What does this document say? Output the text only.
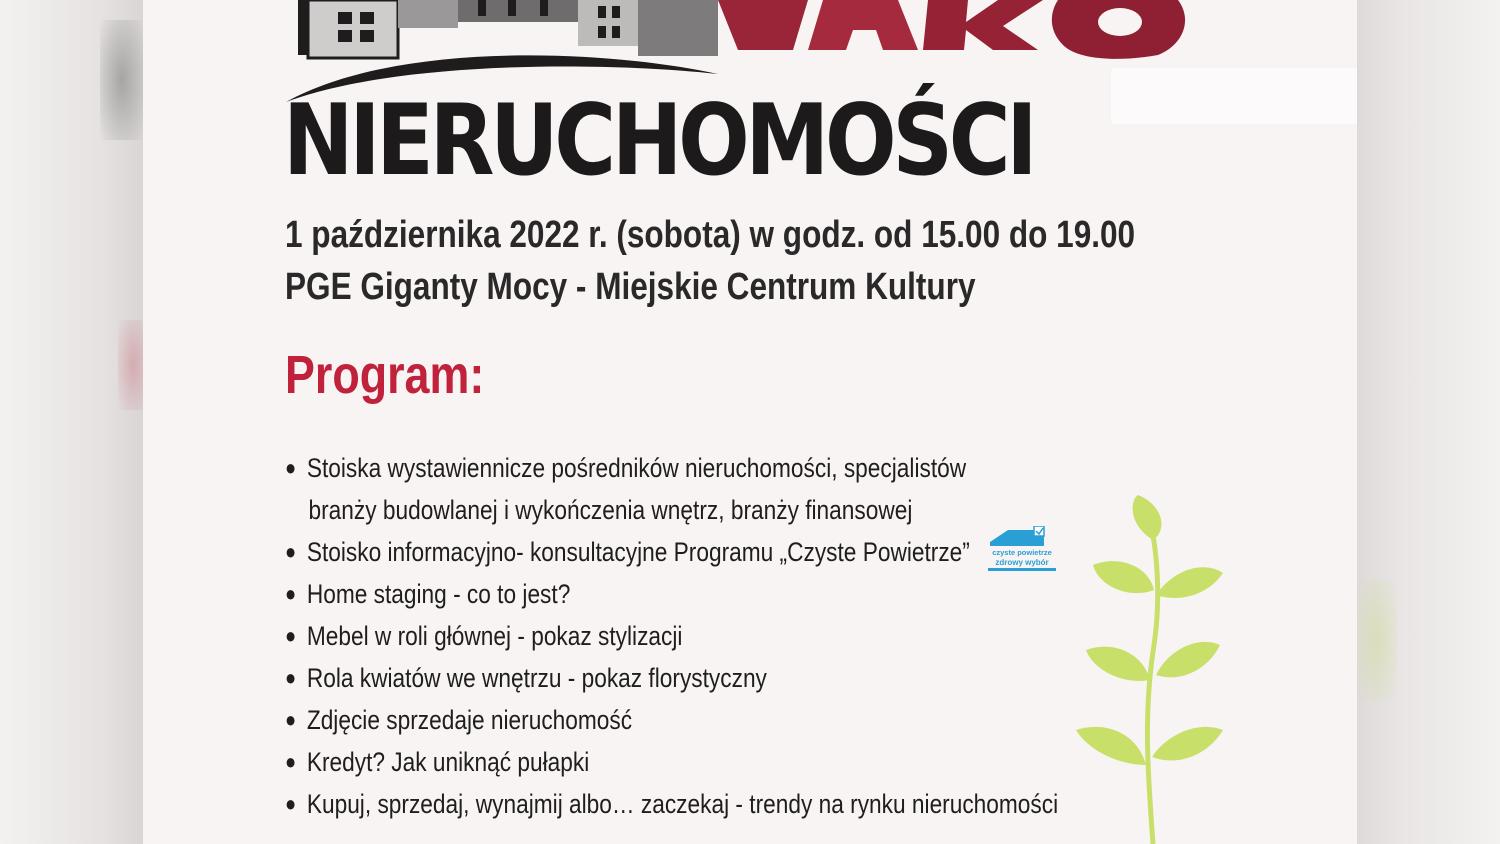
NIERUCHOMOŚCI
1 października 2022 r. (sobota) w godz. od 15.00 do 19.00
PGE Giganty Mocy - Miejskie Centrum Kultury
Program:
● Stoiska wystawiennicze pośredników nieruchomości, specjalistów
branży budowlanej i wykończenia wnętrz, branży finansowej
● Stoisko informacyjno- konsultacyjne Programu „Czyste Powietrze”
● Home staging - co to jest?
● Mebel w roli głównej - pokaz stylizacji
● Rola kwiatów we wnętrzu - pokaz florystyczny
● Zdjęcie sprzedaje nieruchomość
● Kredyt? Jak uniknąć pułapki
● Kupuj, sprzedaj, wynajmij albo… zaczekaj - trendy na rynku nieruchomości
czyste powietrze
zdrowy wybór
